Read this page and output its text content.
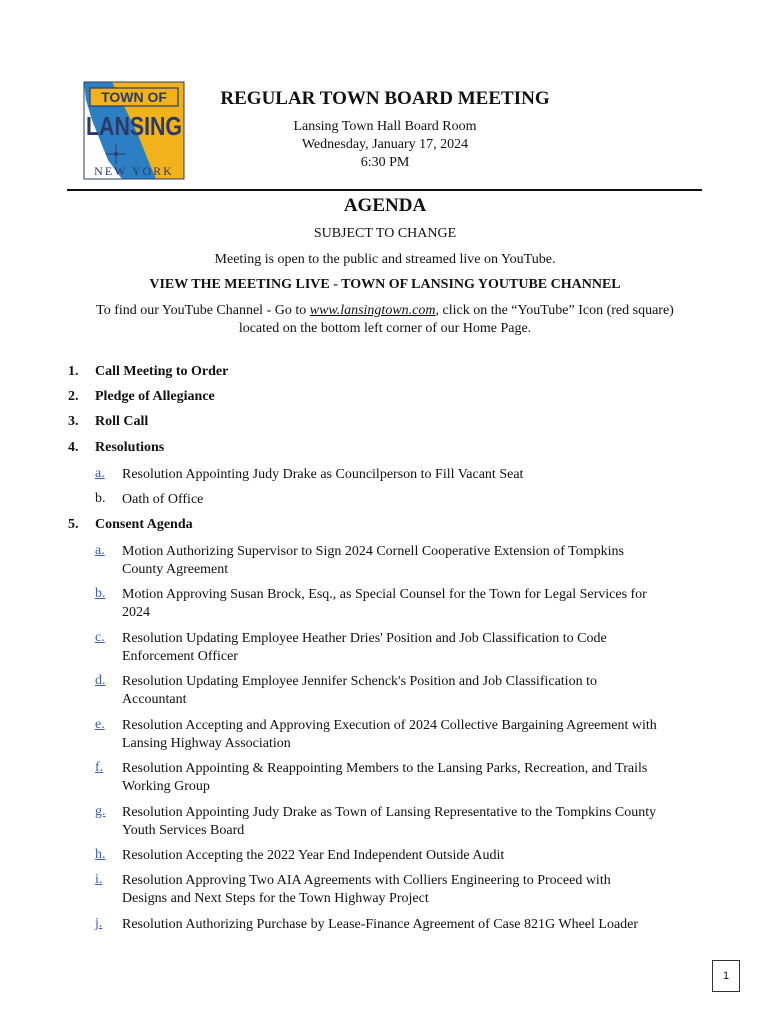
TOWN OF
LANSING
NEW YORK
REGULAR TOWN BOARD MEETING
Lansing Town Hall Board Room
Wednesday, January 17, 2024
6:30 PM
AGENDA
SUBJECT TO CHANGE
Meeting is open to the public and streamed live on YouTube.
VIEW THE MEETING LIVE - TOWN OF LANSING YOUTUBE CHANNEL
To find our YouTube Channel - Go to www.lansingtown.com, click on the “YouTube” Icon (red square)
located on the bottom left corner of our Home Page.
1. Call Meeting to Order
2. Pledge of Allegiance
3. Roll Call
4. Resolutions
a. Resolution Appointing Judy Drake as Councilperson to Fill Vacant Seat
b. Oath of Office
5. Consent Agenda
a. Motion Authorizing Supervisor to Sign 2024 Cornell Cooperative Extension of Tompkins
County Agreement
b. Motion Approving Susan Brock, Esq., as Special Counsel for the Town for Legal Services for
2024
c. Resolution Updating Employee Heather Dries' Position and Job Classification to Code
Enforcement Officer
d. Resolution Updating Employee Jennifer Schenck's Position and Job Classification to
Accountant
e. Resolution Accepting and Approving Execution of 2024 Collective Bargaining Agreement with
Lansing Highway Association
f. Resolution Appointing & Reappointing Members to the Lansing Parks, Recreation, and Trails
Working Group
g. Resolution Appointing Judy Drake as Town of Lansing Representative to the Tompkins County
Youth Services Board
h. Resolution Accepting the 2022 Year End Independent Outside Audit
i. Resolution Approving Two AIA Agreements with Colliers Engineering to Proceed with
Designs and Next Steps for the Town Highway Project
j. Resolution Authorizing Purchase by Lease-Finance Agreement of Case 821G Wheel Loader
1
